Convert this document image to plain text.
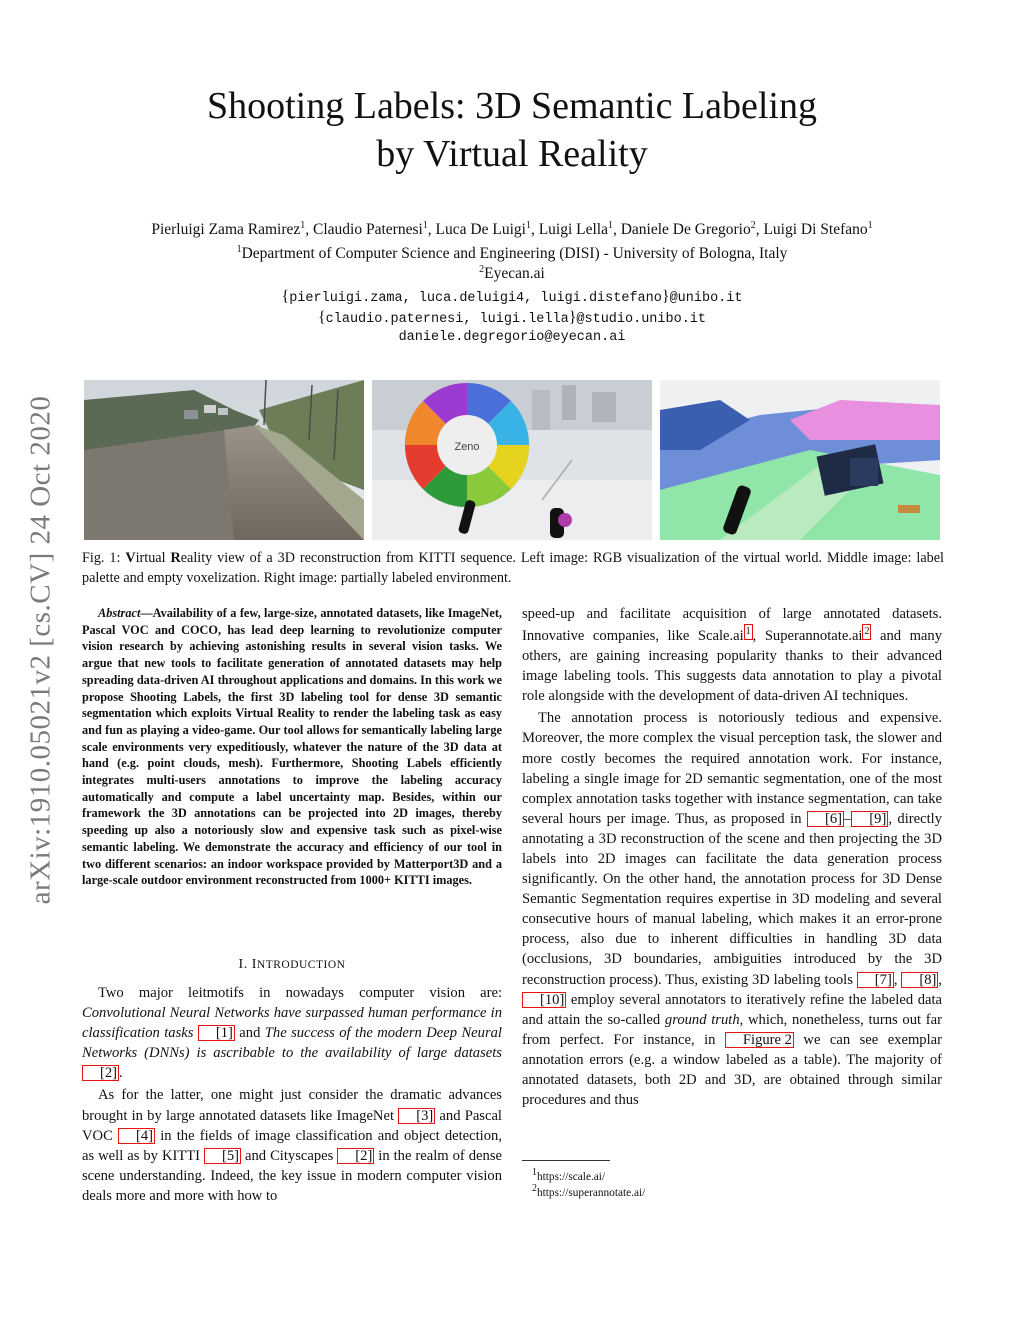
arXiv:1910.05021v2 [cs.CV] 24 Oct 2020
Shooting Labels: 3D Semantic Labeling
by Virtual Reality
Pierluigi Zama Ramirez$^1$, Claudio Paternesi$^1$, Luca De Luigi$^1$, Luigi Lella$^1$, Daniele De Gregorio$^2$, Luigi Di Stefano$^1$
$^1$Department of Computer Science and Engineering (DISI) - University of Bologna, Italy
$^2$Eyecan.ai
{pierluigi.zama, luca.deluigi4, luigi.distefano}@unibo.it
{claudio.paternesi, luigi.lella}@studio.unibo.it
daniele.degregorio@eyecan.ai
Zeno
Fig. 1: Virtual Reality view of a 3D reconstruction from KITTI sequence. Left image: RGB visualization of the virtual world. Middle image: label palette and empty voxelization. Right image: partially labeled environment.
Abstract—Availability of a few, large-size, annotated datasets, like ImageNet, Pascal VOC and COCO, has lead deep learning to revolutionize computer vision research by achieving astonishing results in several vision tasks. We argue that new tools to facilitate generation of annotated datasets may help spreading data-driven AI throughout applications and domains. In this work we propose Shooting Labels, the first 3D labeling tool for dense 3D semantic segmentation which exploits Virtual Reality to render the labeling task as easy and fun as playing a video-game. Our tool allows for semantically labeling large scale environments very expeditiously, whatever the nature of the 3D data at hand (e.g. point clouds, mesh). Furthermore, Shooting Labels efficiently integrates multi-users annotations to improve the labeling accuracy automatically and compute a label uncertainty map. Besides, within our framework the 3D annotations can be projected into 2D images, thereby speeding up also a notoriously slow and expensive task such as pixel-wise semantic labeling. We demonstrate the accuracy and efficiency of our tool in two different scenarios: an indoor workspace provided by Matterport3D and a large-scale outdoor environment reconstructed from 1000+ KITTI images.
I. INTRODUCTION

Two major leitmotifs in nowadays computer vision are: Convolutional Neural Networks have surpassed human performance in classification tasks [1] and The success of the modern Deep Neural Networks (DNNs) is ascribable to the availability of large datasets [2] .

As for the latter, one might just consider the dramatic advances brought in by large annotated datasets like ImageNet [3] and Pascal VOC [4] in the fields of image classification and object detection, as well as by KITTI [5] and Cityscapes [2] in the realm of dense scene understanding. Indeed, the key issue in modern computer vision deals more and more with how to

speed-up and facilitate acquisition of large annotated datasets. Innovative companies, like Scale.ai $^1$ , Superannotate.ai $^2$ and many others, are gaining increasing popularity thanks to their advanced image labeling tools. This suggests data annotation to play a pivotal role alongside with the development of data-driven AI techniques.

The annotation process is notoriously tedious and expensive. Moreover, the more complex the visual perception task, the slower and more costly becomes the required annotation work. For instance, labeling a single image for 2D semantic segmentation, one of the most complex annotation tasks together with instance segmentation, can take several hours per image. Thus, as proposed in [6] – [9] , directly annotating a 3D reconstruction of the scene and then projecting the 3D labels into 2D images can facilitate the data generation process significantly. On the other hand, the annotation process for 3D Dense Semantic Segmentation requires expertise in 3D modeling and several consecutive hours of manual labeling, which makes it an error-prone process, also due to inherent difficulties in handling 3D data (occlusions, 3D boundaries, ambiguities introduced by the 3D reconstruction process). Thus, existing 3D labeling tools [7] , [8] , [10] employ several annotators to iteratively refine the labeled data and attain the so-called ground truth, which, nonetheless, turns out far from perfect. For instance, in Figure 2 we can see exemplar annotation errors (e.g. a window labeled as a table). The majority of annotated datasets, both 2D and 3D, are obtained through similar procedures and thus

$^1$https://scale.ai/
$^2$https://superannotate.ai/
